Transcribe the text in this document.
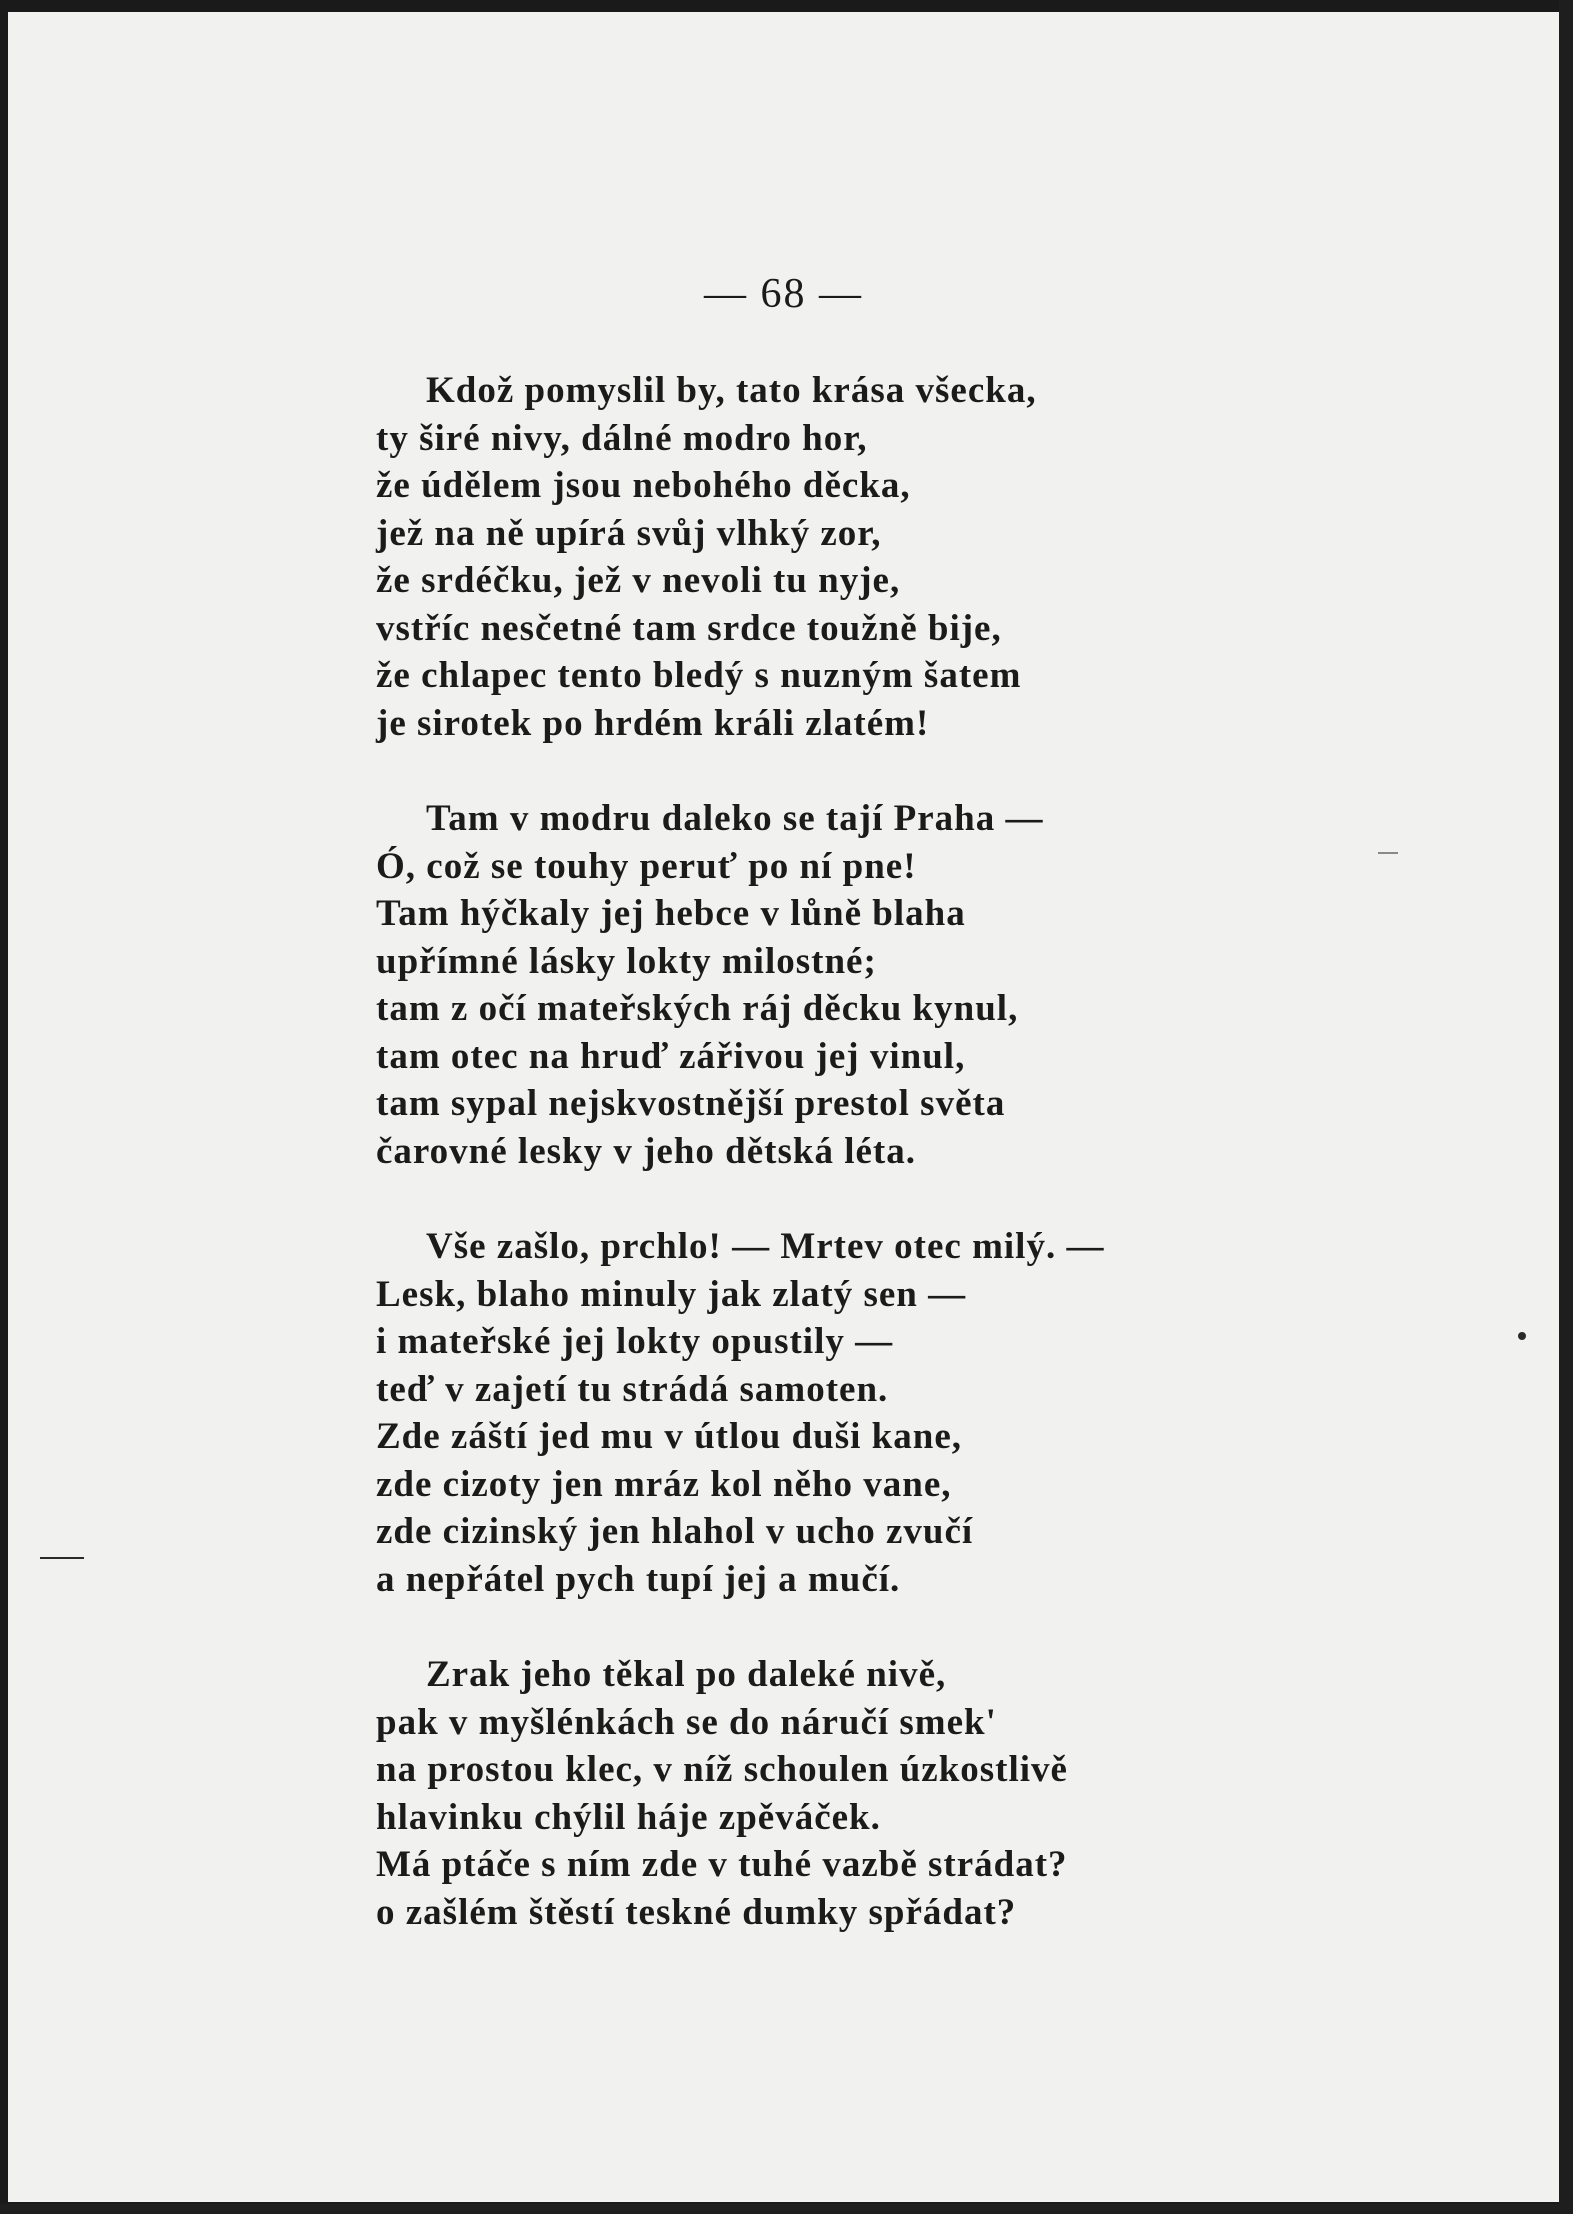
— 68 —
Kdož pomyslil by, tato krása všecka,
ty širé nivy, dálné modro hor,
že údělem jsou nebohého děcka,
jež na ně upírá svůj vlhký zor,
že srdéčku, jež v nevoli tu nyje,
vstříc nesčetné tam srdce toužně bije,
že chlapec tento bledý s nuzným šatem
je sirotek po hrdém králi zlatém!
Tam v modru daleko se tají Praha —
Ó, což se touhy peruť po ní pne!
Tam hýčkaly jej hebce v lůně blaha
upřímné lásky lokty milostné;
tam z očí mateřských ráj děcku kynul,
tam otec na hruď zářivou jej vinul,
tam sypal nejskvostnější prestol světa
čarovné lesky v jeho dětská léta.
Vše zašlo, prchlo! — Mrtev otec milý. —
Lesk, blaho minuly jak zlatý sen —
i mateřské jej lokty opustily —
teď v zajetí tu strádá samoten.
Zde záští jed mu v útlou duši kane,
zde cizoty jen mráz kol něho vane,
zde cizinský jen hlahol v ucho zvučí
a nepřátel pych tupí jej a mučí.
Zrak jeho těkal po daleké nivě,
pak v myšlénkách se do náručí smek'
na prostou klec, v níž schoulen úzkostlivě
hlavinku chýlil háje zpěváček.
Má ptáče s ním zde v tuhé vazbě strádat?
o zašlém štěstí teskné dumky spřádat?
